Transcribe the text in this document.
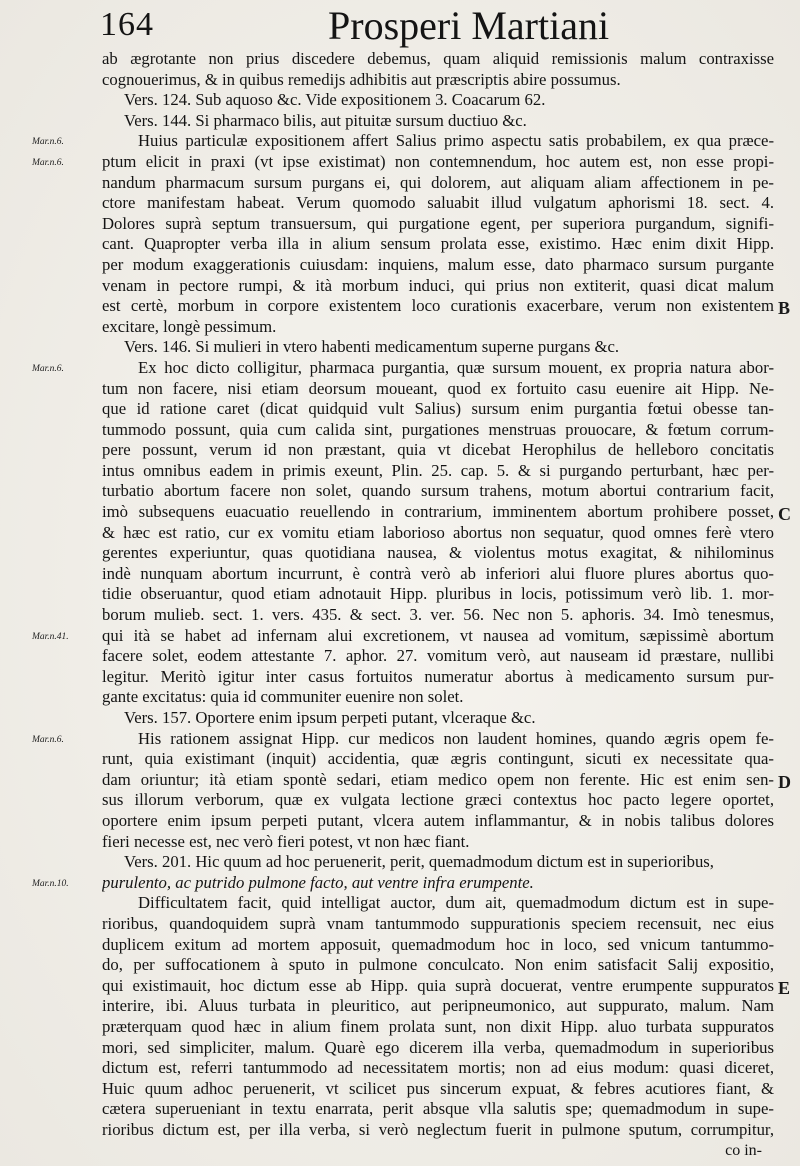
164	Prosperi Martiani
ab ægrotante non prius discedere debemus, quam aliquid remissionis malum contraxisse
cognouerimus, & in quibus remedijs adhibitis aut præscriptis abire possumus.
Vers. 124. Sub aquoso &c. Vide expositionem 3. Coacarum 62.
Vers. 144. Si pharmaco bilis, aut pituitæ sursum ductiuo &c.
Huius particulæ expositionem affert Salius primo aspectu satis probabilem, ex qua præce-
ptum elicit in praxi (vt ipse existimat) non contemnendum, hoc autem est, non esse propi-
nandum pharmacum sursum purgans ei, qui dolorem, aut aliquam aliam affectionem in pe-
ctore manifestam habeat. Verum quomodo saluabit illud vulgatum aphorismi 18. sect. 4.
Dolores suprà septum transuersum, qui purgatione egent, per superiora purgandum, signifi-
cant. Quapropter verba illa in alium sensum prolata esse, existimo. Hæc enim dixit Hipp.
per modum exaggerationis cuiusdam: inquiens, malum esse, dato pharmaco sursum purgante
venam in pectore rumpi, & ità morbum induci, qui prius non extiterit, quasi dicat malum
est certè, morbum in corpore existentem loco curationis exacerbare, verum non existentem
excitare, longè pessimum.
Vers. 146. Si mulieri in vtero habenti medicamentum superne purgans &c.
Ex hoc dicto colligitur, pharmaca purgantia, quæ sursum mouent, ex propria natura abor-
tum non facere, nisi etiam deorsum moueant, quod ex fortuito casu euenire ait Hipp. Ne-
que id ratione caret (dicat quidquid vult Salius) sursum enim purgantia fœtui obesse tan-
tummodo possunt, quia cum calida sint, purgationes menstruas prouocare, & fœtum corrum-
pere possunt, verum id non præstant, quia vt dicebat Herophilus de helleboro concitatis
intus omnibus eadem in primis exeunt, Plin. 25. cap. 5. & si purgando perturbant, hæc per-
turbatio abortum facere non solet, quando sursum trahens, motum abortui contrarium facit,
imò subsequens euacuatio reuellendo in contrarium, imminentem abortum prohibere posset,
& hæc est ratio, cur ex vomitu etiam laborioso abortus non sequatur, quod omnes ferè vtero
gerentes experiuntur, quas quotidiana nausea, & violentus motus exagitat, & nihilominus
indè nunquam abortum incurrunt, è contrà verò ab inferiori alui fluore plures abortus quo-
tidie obseruantur, quod etiam adnotauit Hipp. pluribus in locis, potissimum verò lib. 1. mor-
borum mulieb. sect. 1. vers. 435. & sect. 3. ver. 56. Nec non 5. aphoris. 34. Imò tenesmus,
qui ità se habet ad infernam alui excretionem, vt nausea ad vomitum, sæpissimè abortum
facere solet, eodem attestante 7. aphor. 27. vomitum verò, aut nauseam id præstare, nullibi
legitur. Meritò igitur inter casus fortuitos numeratur abortus à medicamento sursum pur-
gante excitatus: quia id communiter euenire non solet.
Vers. 157. Oportere enim ipsum perpeti putant, vlceraque &c.
His rationem assignat Hipp. cur medicos non laudent homines, quando ægris opem fe-
runt, quia existimant (inquit) accidentia, quæ ægris contingunt, sicuti ex necessitate qua-
dam oriuntur; ità etiam spontè sedari, etiam medico opem non ferente. Hic est enim sen-
sus illorum verborum, quæ ex vulgata lectione græci contextus hoc pacto legere oportet,
oportere enim ipsum perpeti putant, vlcera autem inflammantur, & in nobis talibus dolores
fieri necesse est, nec verò fieri potest, vt non hæc fiant.
Vers. 201. Hic quum ad hoc peruenerit, perit, quemadmodum dictum est in superioribus,
purulento, ac putrido pulmone facto, aut ventre infra erumpente.
Difficultatem facit, quid intelligat auctor, dum ait, quemadmodum dictum est in supe-
rioribus, quandoquidem suprà vnam tantummodo suppurationis speciem recensuit, nec eius
duplicem exitum ad mortem apposuit, quemadmodum hoc in loco, sed vnicum tantummo-
do, per suffocationem à sputo in pulmone conculcato. Non enim satisfacit Salij expositio,
qui existimauit, hoc dictum esse ab Hipp. quia suprà docuerat, ventre erumpente suppuratos
interire, ibi. Aluus turbata in pleuritico, aut peripneumonico, aut suppurato, malum. Nam
præterquam quod hæc in alium finem prolata sunt, non dixit Hipp. aluo turbata suppuratos
mori, sed simpliciter, malum. Quarè ego dicerem illa verba, quemadmodum in superioribus
dictum est, referri tantummodo ad necessitatem mortis; non ad eius modum: quasi diceret,
Huic quum adhoc peruenerit, vt scilicet pus sincerum expuat, & febres acutiores fiant, &
cætera superueniant in textu enarrata, perit absque vlla salutis spe; quemadmodum in supe-
rioribus dictum est, per illa verba, si verò neglectum fuerit in pulmone sputum, corrumpitur,
Mar.n.6.
Mar.n.6.
Mar.n.6.
Mar.n.41.
Mar.n.6.
Mar.n.10.
B
C
D
E
co in-
